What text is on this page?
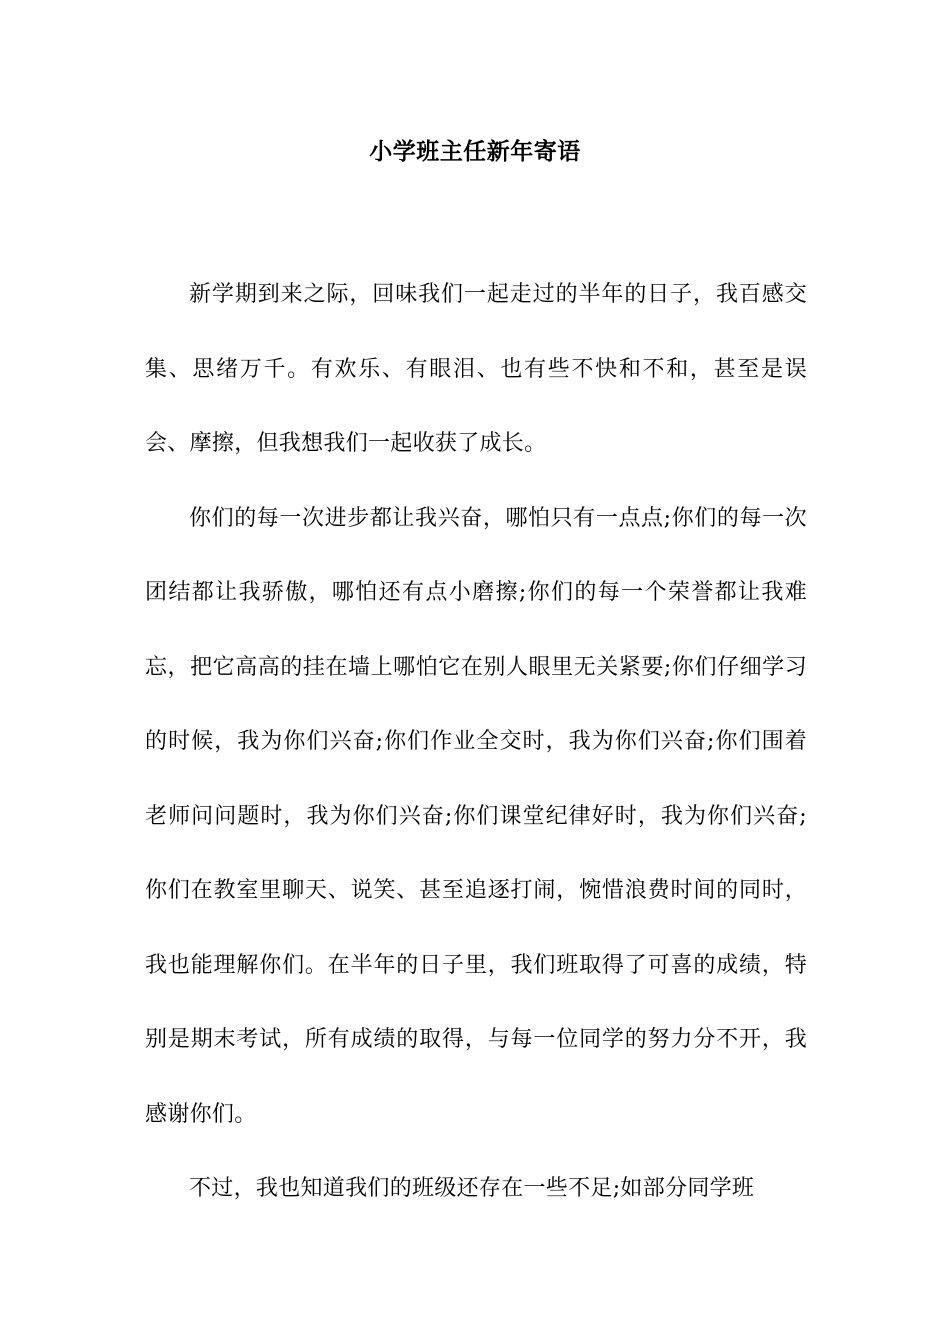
小学班主任新年寄语

新学期到来之际，回味我们一起走过的半年的日子，我百感交集、思绪万千。有欢乐、有眼泪、也有些不快和不和，甚至是误会、摩擦，但我想我们一起收获了成长。

你们的每一次进步都让我兴奋，哪怕只有一点点;你们的每一次团结都让我骄傲，哪怕还有点小磨擦;你们的每一个荣誉都让我难忘，把它高高的挂在墙上哪怕它在别人眼里无关紧要;你们仔细学习的时候，我为你们兴奋;你们作业全交时，我为你们兴奋;你们围着老师问问题时，我为你们兴奋;你们课堂纪律好时，我为你们兴奋;你们在教室里聊天、说笑、甚至追逐打闹，惋惜浪费时间的同时，我也能理解你们。在半年的日子里，我们班取得了可喜的成绩，特别是期末考试，所有成绩的取得，与每一位同学的努力分不开，我感谢你们。

不过，我也知道我们的班级还存在一些不足;如部分同学班
